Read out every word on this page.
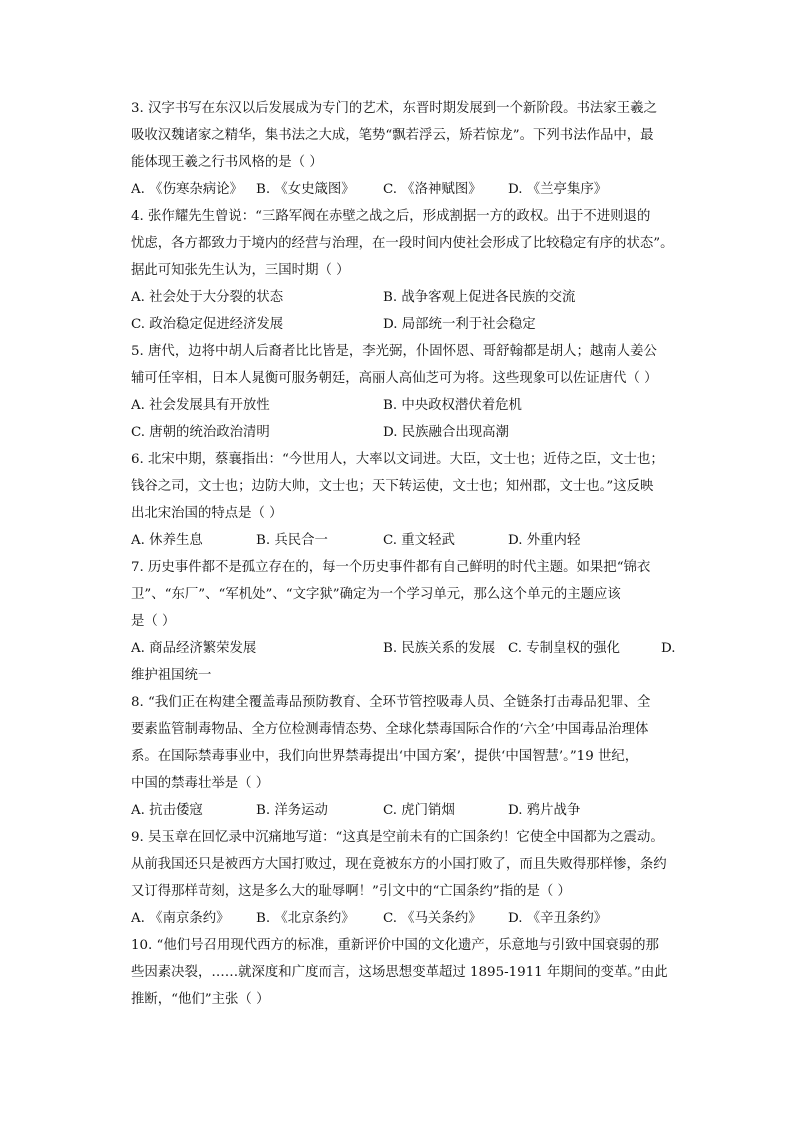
3. 汉字书写在东汉以后发展成为专门的艺术，东晋时期发展到一个新阶段。书法家王羲之
吸收汉魏诸家之精华，集书法之大成，笔势“飘若浮云，矫若惊龙”。下列书法作品中，最
能体现王羲之行书风格的是（ ）
A. 《伤寒杂病论》 B. 《女史箴图》 C. 《洛神赋图》 D. 《兰亭集序》
4. 张作耀先生曾说：“三路军阀在赤壁之战之后，形成割据一方的政权。出于不进则退的
忧虑，各方都致力于境内的经营与治理，在一段时间内使社会形成了比较稳定有序的状态”。
据此可知张先生认为，三国时期（ ）
A. 社会处于大分裂的状态	B. 战争客观上促进各民族的交流
C. 政治稳定促进经济发展	D. 局部统一利于社会稳定
5. 唐代，边将中胡人后裔者比比皆是，李光弼，仆固怀恩、哥舒翰都是胡人；越南人姜公
辅可任宰相，日本人晁衡可服务朝廷，高丽人高仙芝可为将。这些现象可以佐证唐代（ ）
A. 社会发展具有开放性	B. 中央政权潜伏着危机
C. 唐朝的统治政治清明	D. 民族融合出现高潮
6. 北宋中期，蔡襄指出：“今世用人，大率以文词进。大臣，文士也；近侍之臣，文士也；
钱谷之司，文士也；边防大帅，文士也；天下转运使，文士也；知州郡，文士也。”这反映
出北宋治国的特点是（ ）
A. 休养生息	B. 兵民合一	C. 重文轻武	D. 外重内轻
7. 历史事件都不是孤立存在的，每一个历史事件都有自己鲜明的时代主题。如果把“锦衣
卫”、“东厂”、“军机处”、“文字狱”确定为一个学习单元，那么这个单元的主题应该
是（ ）
A. 商品经济繁荣发展	B. 民族关系的发展 C. 专制皇权的强化	D.
维护祖国统一
8. “我们正在构建全覆盖毒品预防教育、全环节管控吸毒人员、全链条打击毒品犯罪、全
要素监管制毒物品、全方位检测毒情态势、全球化禁毒国际合作的‘六全’中国毒品治理体
系。在国际禁毒事业中，我们向世界禁毒提出‘中国方案’，提供‘中国智慧’。”19 世纪，
中国的禁毒壮举是（ ）
A. 抗击倭寇	B. 洋务运动	C. 虎门销烟	D. 鸦片战争
9. 吴玉章在回忆录中沉痛地写道：“这真是空前未有的亡国条约！它使全中国都为之震动。
从前我国还只是被西方大国打败过，现在竟被东方的小国打败了，而且失败得那样惨，条约
又订得那样苛刻，这是多么大的耻辱啊！”引文中的“亡国条约”指的是（ ）
A. 《南京条约》 B. 《北京条约》 C. 《马关条约》 D. 《辛丑条约》
10. “他们号召用现代西方的标准，重新评价中国的文化遗产，乐意地与引致中国衰弱的那
些因素决裂，……就深度和广度而言，这场思想变革超过 1895-1911 年期间的变革。”由此
推断，“他们”主张（ ）
